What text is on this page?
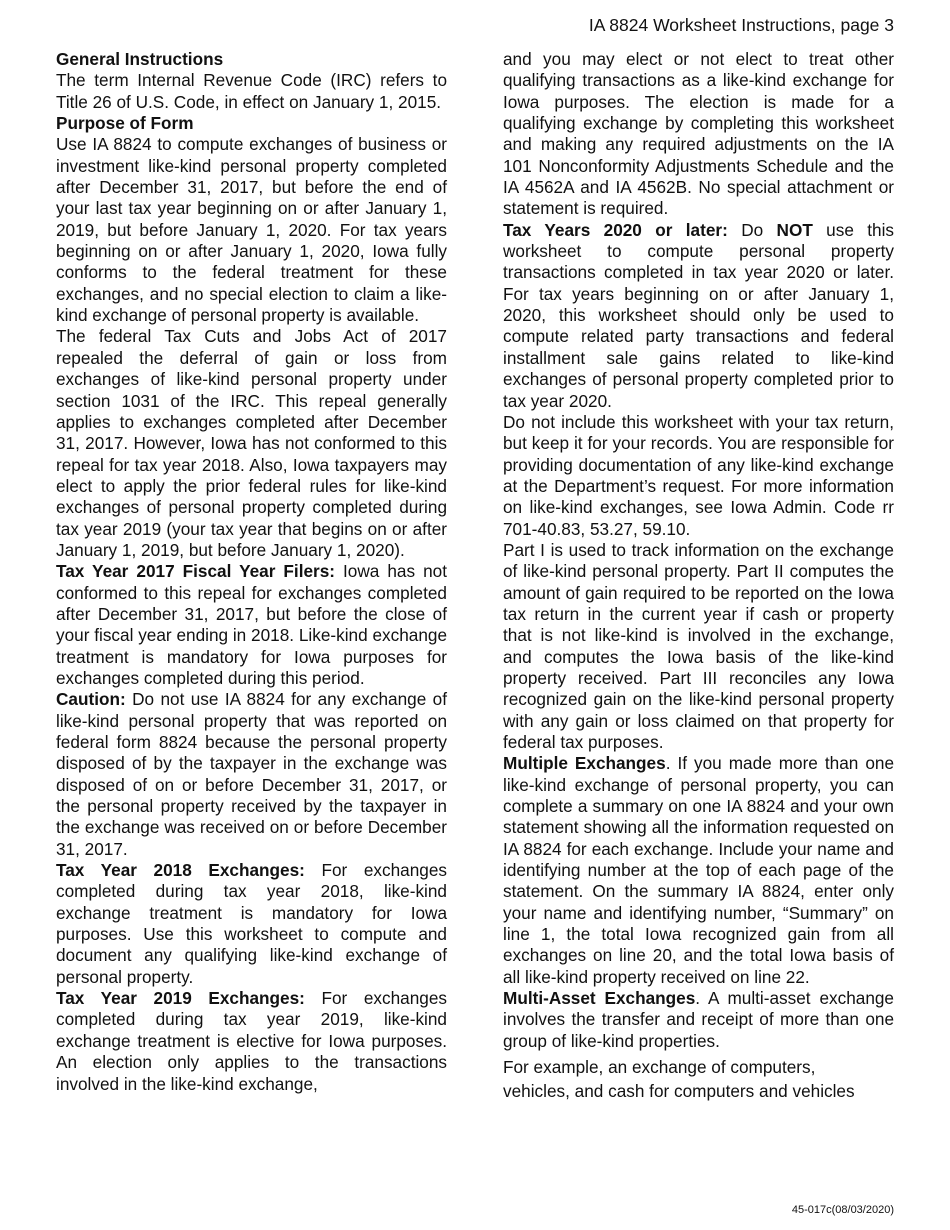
IA 8824 Worksheet Instructions, page 3
General Instructions
The term Internal Revenue Code (IRC) refers to Title 26 of U.S. Code, in effect on January 1, 2015.
Purpose of Form
Use IA 8824 to compute exchanges of business or investment like-kind personal property completed after December 31, 2017, but before the end of your last tax year beginning on or after January 1, 2019, but before January 1, 2020. For tax years beginning on or after January 1, 2020, Iowa fully conforms to the federal treatment for these exchanges, and no special election to claim a like-kind exchange of personal property is available.
The federal Tax Cuts and Jobs Act of 2017 repealed the deferral of gain or loss from exchanges of like-kind personal property under section 1031 of the IRC. This repeal generally applies to exchanges completed after December 31, 2017. However, Iowa has not conformed to this repeal for tax year 2018. Also, Iowa taxpayers may elect to apply the prior federal rules for like-kind exchanges of personal property completed during tax year 2019 (your tax year that begins on or after January 1, 2019, but before January 1, 2020).
Tax Year 2017 Fiscal Year Filers: Iowa has not conformed to this repeal for exchanges completed after December 31, 2017, but before the close of your fiscal year ending in 2018. Like-kind exchange treatment is mandatory for Iowa purposes for exchanges completed during this period.
Caution: Do not use IA 8824 for any exchange of like-kind personal property that was reported on federal form 8824 because the personal property disposed of by the taxpayer in the exchange was disposed of on or before December 31, 2017, or the personal property received by the taxpayer in the exchange was received on or before December 31, 2017.
Tax Year 2018 Exchanges: For exchanges completed during tax year 2018, like-kind exchange treatment is mandatory for Iowa purposes. Use this worksheet to compute and document any qualifying like-kind exchange of personal property.
Tax Year 2019 Exchanges: For exchanges completed during tax year 2019, like-kind exchange treatment is elective for Iowa purposes. An election only applies to the transactions involved in the like-kind exchange,
and you may elect or not elect to treat other qualifying transactions as a like-kind exchange for Iowa purposes. The election is made for a qualifying exchange by completing this worksheet and making any required adjustments on the IA 101 Nonconformity Adjustments Schedule and the IA 4562A and IA 4562B. No special attachment or statement is required.
Tax Years 2020 or later: Do NOT use this worksheet to compute personal property transactions completed in tax year 2020 or later. For tax years beginning on or after January 1, 2020, this worksheet should only be used to compute related party transactions and federal installment sale gains related to like-kind exchanges of personal property completed prior to tax year 2020.
Do not include this worksheet with your tax return, but keep it for your records. You are responsible for providing documentation of any like-kind exchange at the Department’s request. For more information on like-kind exchanges, see Iowa Admin. Code rr 701-40.83, 53.27, 59.10.
Part I is used to track information on the exchange of like-kind personal property. Part II computes the amount of gain required to be reported on the Iowa tax return in the current year if cash or property that is not like-kind is involved in the exchange, and computes the Iowa basis of the like-kind property received. Part III reconciles any Iowa recognized gain on the like-kind personal property with any gain or loss claimed on that property for federal tax purposes.
Multiple Exchanges. If you made more than one like-kind exchange of personal property, you can complete a summary on one IA 8824 and your own statement showing all the information requested on IA 8824 for each exchange. Include your name and identifying number at the top of each page of the statement. On the summary IA 8824, enter only your name and identifying number, “Summary” on line 1, the total Iowa recognized gain from all exchanges on line 20, and the total Iowa basis of all like-kind property received on line 22.
Multi-Asset Exchanges. A multi-asset exchange involves the transfer and receipt of more than one group of like-kind properties.
For example, an exchange of computers,
vehicles, and cash for computers and vehicles
45-017c(08/03/2020)
